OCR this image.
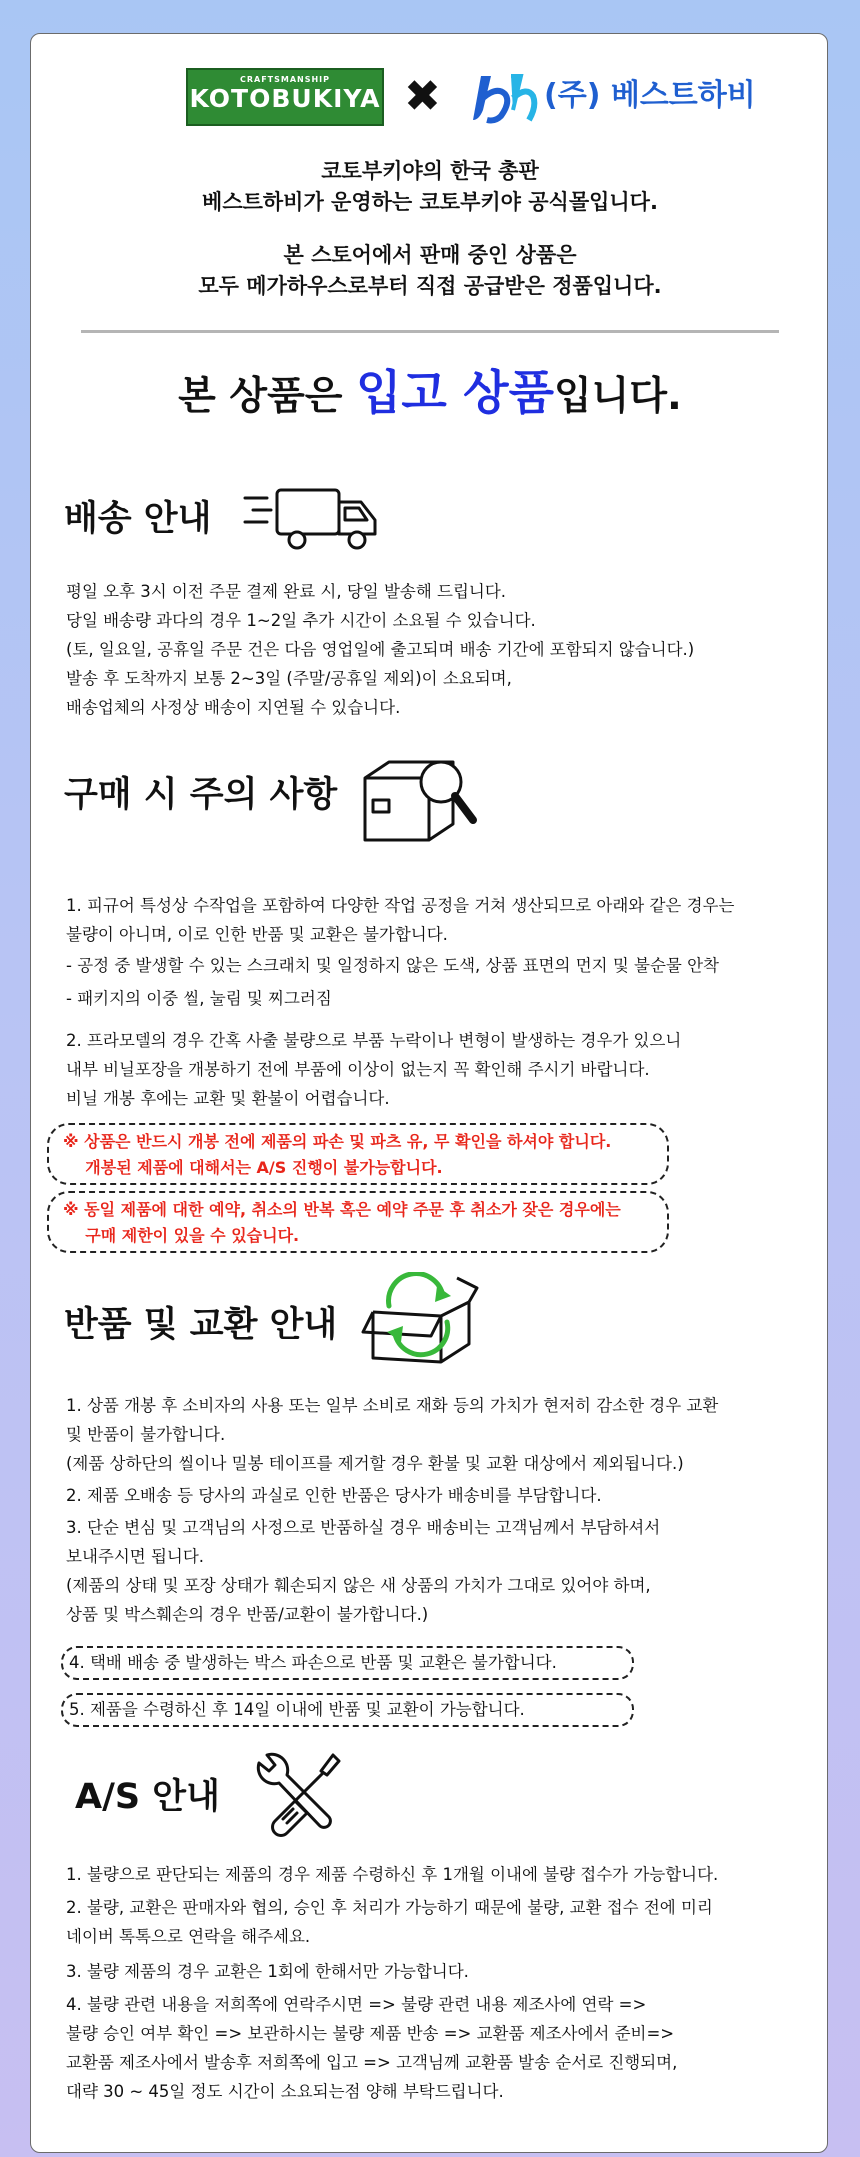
CRAFTSMANSHIP
KOTOBUKIYA ✖	(주) 베스트하비
코토부키야의 한국 총판
베스트하비가 운영하는 코토부키야 공식몰입니다.
본 스토어에서 판매 중인 상품은
모두 메가하우스로부터 직접 공급받은 정품입니다.
본 상품은 입고 상품입니다.
배송 안내
평일 오후 3시 이전 주문 결제 완료 시, 당일 발송해 드립니다.
당일 배송량 과다의 경우 1~2일 추가 시간이 소요될 수 있습니다.
(토, 일요일, 공휴일 주문 건은 다음 영업일에 출고되며 배송 기간에 포함되지 않습니다.)
발송 후 도착까지 보통 2~3일 (주말/공휴일 제외)이 소요되며,
배송업체의 사정상 배송이 지연될 수 있습니다.
구매 시 주의 사항
1. 피규어 특성상 수작업을 포함하여 다양한 작업 공정을 거쳐 생산되므로 아래와 같은 경우는
불량이 아니며, 이로 인한 반품 및 교환은 불가합니다.
- 공정 중 발생할 수 있는 스크래치 및 일정하지 않은 도색, 상품 표면의 먼지 및 불순물 안착
- 패키지의 이중 씰, 눌림 및 찌그러짐
2. 프라모델의 경우 간혹 사출 불량으로 부품 누락이나 변형이 발생하는 경우가 있으니
내부 비닐포장을 개봉하기 전에 부품에 이상이 없는지 꼭 확인해 주시기 바랍니다.
비닐 개봉 후에는 교환 및 환불이 어렵습니다.
※ 상품은 반드시 개봉 전에 제품의 파손 및 파츠 유, 무 확인을 하셔야 합니다.
개봉된 제품에 대해서는 A/S 진행이 불가능합니다.
※ 동일 제품에 대한 예약, 취소의 반복 혹은 예약 주문 후 취소가 잦은 경우에는
구매 제한이 있을 수 있습니다.
반품 및 교환 안내
1. 상품 개봉 후 소비자의 사용 또는 일부 소비로 재화 등의 가치가 현저히 감소한 경우 교환
및 반품이 불가합니다.
(제품 상하단의 씰이나 밀봉 테이프를 제거할 경우 환불 및 교환 대상에서 제외됩니다.)
2. 제품 오배송 등 당사의 과실로 인한 반품은 당사가 배송비를 부담합니다.
3. 단순 변심 및 고객님의 사정으로 반품하실 경우 배송비는 고객님께서 부담하셔서
보내주시면 됩니다.
(제품의 상태 및 포장 상태가 훼손되지 않은 새 상품의 가치가 그대로 있어야 하며,
상품 및 박스훼손의 경우 반품/교환이 불가합니다.)
4. 택배 배송 중 발생하는 박스 파손으로 반품 및 교환은 불가합니다.
5. 제품을 수령하신 후 14일 이내에 반품 및 교환이 가능합니다.
A/S 안내
1. 불량으로 판단되는 제품의 경우 제품 수령하신 후 1개월 이내에 불량 접수가 가능합니다.
2. 불량, 교환은 판매자와 협의, 승인 후 처리가 가능하기 때문에 불량, 교환 접수 전에 미리
네이버 톡톡으로 연락을 해주세요.
3. 불량 제품의 경우 교환은 1회에 한해서만 가능합니다.
4. 불량 관련 내용을 저희쪽에 연락주시면 => 불량 관련 내용 제조사에 연락 =>
불량 승인 여부 확인 => 보관하시는 불량 제품 반송 => 교환품 제조사에서 준비=>
교환품 제조사에서 발송후 저희쪽에 입고 => 고객님께 교환품 발송 순서로 진행되며,
대략 30 ~ 45일 정도 시간이 소요되는점 양해 부탁드립니다.
